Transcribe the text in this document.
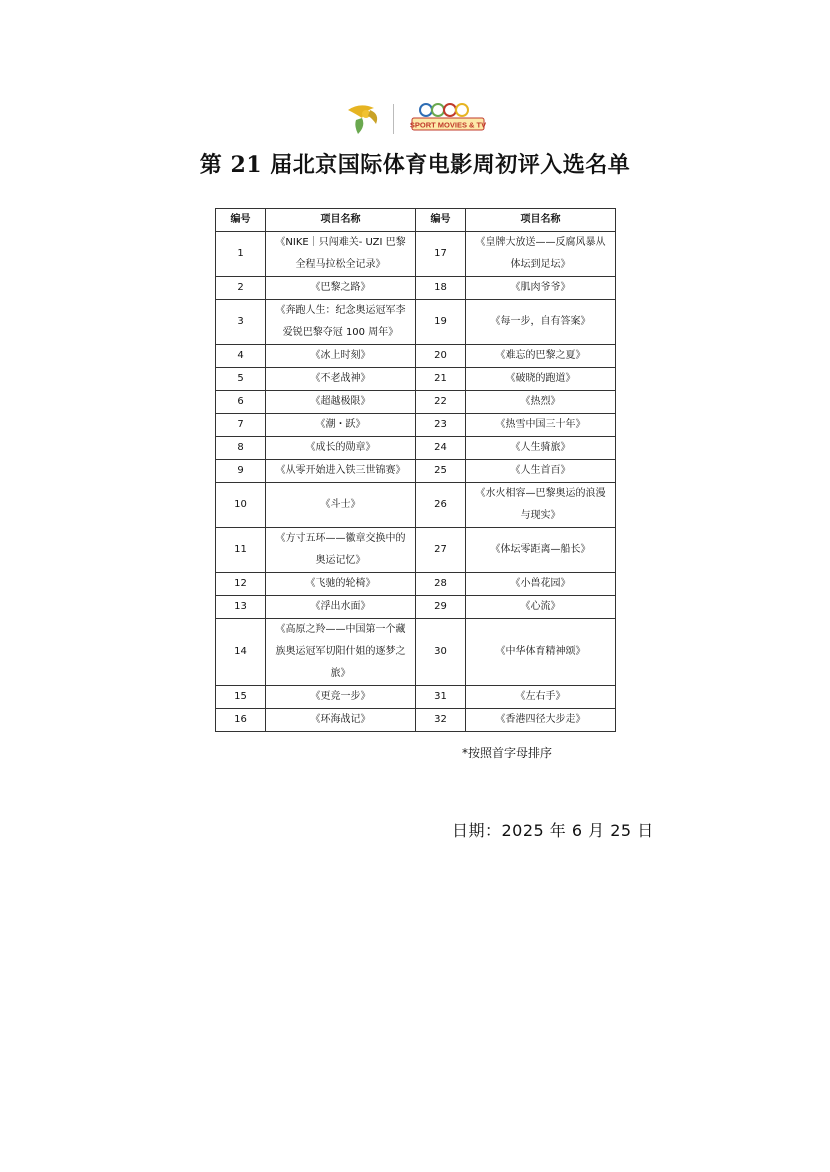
SPORT MOVIES & TV
第 21 届北京国际体育电影周初评入选名单
编号	项目名称	编号	项目名称
1	《NIKE｜只闯难关- UZI 巴黎全程马拉松全记录》	17	《皇牌大放送——反腐风暴从体坛到足坛》
2	《巴黎之路》	18	《肌肉爷爷》
3	《奔跑人生：纪念奥运冠军李爱锐巴黎夺冠 100 周年》	19	《每一步，自有答案》
4	《冰上时刻》	20	《难忘的巴黎之夏》
5	《不老战神》	21	《破晓的跑道》
6	《超越极限》	22	《热烈》
7	《潮・跃》	23	《热雪中国三十年》
8	《成长的勋章》	24	《人生骑旅》
9	《从零开始进入铁三世锦赛》	25	《人生首百》
10	《斗士》	26	《水火相容—巴黎奥运的浪漫与现实》
11	《方寸五环——徽章交换中的奥运记忆》	27	《体坛零距离—船长》
12	《飞驰的轮椅》	28	《小兽花园》
13	《浮出水面》	29	《心流》
14	《高原之羚——中国第一个藏族奥运冠军切阳什姐的逐梦之旅》	30	《中华体育精神颂》
15	《更竞一步》	31	《左右手》
16	《环海战记》	32	《香港四径大步走》
*按照首字母排序
日期：2025 年 6 月 25 日
